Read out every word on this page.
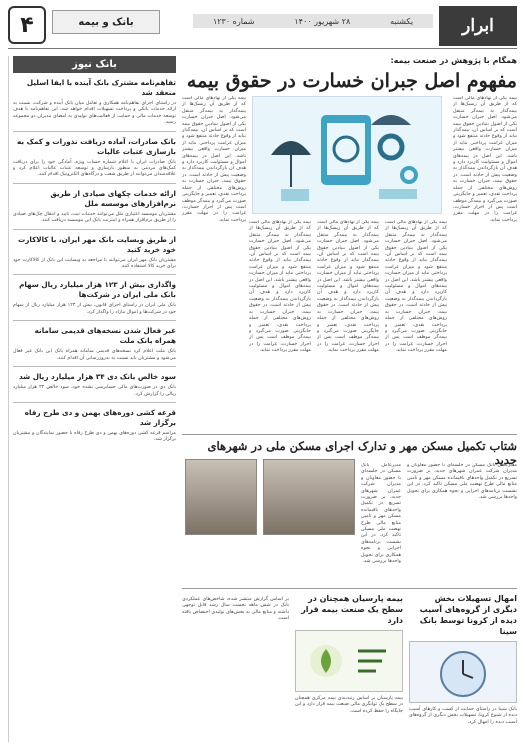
ابرار
یکشنبه
۲۸ شهریور ۱۴۰۰
شماره ۱۲۳۰
بانک و بیمه
۴
بانک نیوز
تفاهم‌نامه مشترک بانک آینده با ایفا اسلیل منعقد شد
در راستای اجرای تفاهم‌نامه همکاری و تعامل میان بانک آینده و شرکت، نسبت به ارائه خدمات بانکی و پرداخت تسهیلات اقدام خواهد شد. این تفاهم‌نامه با هدف توسعه خدمات مالی و حمایت از فعالیت‌های تولیدی به امضای مدیران دو مجموعه رسید.
بانک صادرات، آماده دریافت نذورات و کمک به بازسازی عتبات عالیات
بانک صادرات ایران با اعلام شماره حساب ویژه، آمادگی خود را برای دریافت کمک‌های مردمی به منظور بازسازی و توسعه عتبات عالیات اعلام کرد و علاقه‌مندان می‌توانند از طریق شعب و درگاه‌های الکترونیک اقدام کنند.
ارائه خدمات چکهای صیادی از طریق نرم‌افزارهای موسسه ملل
مشتریان موسسه اعتباری ملل می‌توانند خدمات ثبت، تایید و انتقال چک‌های صیادی را از طریق نرم‌افزار همراه و اینترنت بانک این موسسه دریافت کنند.
از طریق وبسایت بانک مهر ایران، با کالاکارت خود خرید کنید
مشتریان بانک مهر ایران می‌توانند با مراجعه به وبسایت این بانک از کالاکارت خود برای خرید کالا استفاده کنند.
واگذاری بیش از ۱۲۳ هزار میلیارد ریال سهام بانک ملی ایران در شرکت‌ها
بانک ملی ایران در راستای اجرای قانون، بیش از ۱۲۳ هزار میلیارد ریال از سهام خود در شرکت‌ها و اموال مازاد را واگذار کرد.
غیر فعال شدن نسخه‌های قدیمی سامانه همراه بانک ملت
بانک ملت اعلام کرد نسخه‌های قدیمی سامانه همراه بانک این بانک غیر فعال می‌شود و مشتریان باید نسبت به به‌روزرسانی آن اقدام کنند.
سود خالص بانک دی ۳۴ هزار میلیارد ریال شد
بانک دی در صورت‌های مالی حسابرسی نشده خود، سود خالص ۳۴ هزار میلیارد ریالی را گزارش کرد.
قرعه کشی دوره‌های بهمن و دی طرح رفاه برگزار شد
مراسم قرعه کشی دوره‌های بهمن و دی طرح رفاه با حضور نمایندگان و مشتریان برگزار شد.
همگام با پژوهش در صنعت بیمه:
مفهوم اصل جبران خسارت در حقوق بیمه
بیمه یکی از نهادهای مالی است که از طریق آن ریسک‌ها از بیمه‌گذار به بیمه‌گر منتقل می‌شود. اصل جبران خسارت یکی از اصول بنیادین حقوق بیمه است که بر اساس آن، بیمه‌گذار نباید از وقوع حادثه منتفع شود و میزان غرامت پرداختی نباید از میزان خسارت واقعی بیشتر باشد. این اصل در بیمه‌های اموال و مسئولیت کاربرد دارد و هدف آن بازگرداندن بیمه‌گذار به وضعیت پیش از حادثه است. در حقوق بیمه، جبران خسارت به روش‌های مختلفی از جمله پرداخت نقدی، تعمیر و جایگزینی صورت می‌گیرد و بیمه‌گر موظف است پس از احراز خسارت، غرامت را در مهلت مقرر پرداخت نماید.
بیمه یکی از نهادهای مالی است که از طریق آن ریسک‌ها از بیمه‌گذار به بیمه‌گر منتقل می‌شود. اصل جبران خسارت یکی از اصول بنیادین حقوق بیمه است که بر اساس آن، بیمه‌گذار نباید از وقوع حادثه منتفع شود و میزان غرامت پرداختی نباید از میزان خسارت واقعی بیشتر باشد. این اصل در بیمه‌های اموال و مسئولیت کاربرد دارد و هدف آن بازگرداندن بیمه‌گذار به وضعیت پیش از حادثه است. در حقوق بیمه، جبران خسارت به روش‌های مختلفی از جمله پرداخت نقدی، تعمیر و جایگزینی صورت می‌گیرد و بیمه‌گر موظف است پس از احراز خسارت، غرامت را در مهلت مقرر پرداخت نماید.
بیمه یکی از نهادهای مالی است که از طریق آن ریسک‌ها از بیمه‌گذار به بیمه‌گر منتقل می‌شود. اصل جبران خسارت یکی از اصول بنیادین حقوق بیمه است که بر اساس آن، بیمه‌گذار نباید از وقوع حادثه منتفع شود و میزان غرامت پرداختی نباید از میزان خسارت واقعی بیشتر باشد. این اصل در بیمه‌های اموال و مسئولیت کاربرد دارد و هدف آن بازگرداندن بیمه‌گذار به وضعیت پیش از حادثه است. در حقوق بیمه، جبران خسارت به روش‌های مختلفی از جمله پرداخت نقدی، تعمیر و جایگزینی صورت می‌گیرد و بیمه‌گر موظف است پس از احراز خسارت، غرامت را در مهلت مقرر پرداخت نماید.
بیمه یکی از نهادهای مالی است که از طریق آن ریسک‌ها از بیمه‌گذار به بیمه‌گر منتقل می‌شود. اصل جبران خسارت یکی از اصول بنیادین حقوق بیمه است که بر اساس آن، بیمه‌گذار نباید از وقوع حادثه منتفع شود و میزان غرامت پرداختی نباید از میزان خسارت واقعی بیشتر باشد. این اصل در بیمه‌های اموال و مسئولیت کاربرد دارد و هدف آن بازگرداندن بیمه‌گذار به وضعیت پیش از حادثه است. در حقوق بیمه، جبران خسارت به روش‌های مختلفی از جمله پرداخت نقدی، تعمیر و جایگزینی صورت می‌گیرد و بیمه‌گر موظف است پس از احراز خسارت، غرامت را در مهلت مقرر پرداخت نماید.
بیمه یکی از نهادهای مالی است که از طریق آن ریسک‌ها از بیمه‌گذار به بیمه‌گر منتقل می‌شود. اصل جبران خسارت یکی از اصول بنیادین حقوق بیمه است که بر اساس آن، بیمه‌گذار نباید از وقوع حادثه منتفع شود و میزان غرامت پرداختی نباید از میزان خسارت واقعی بیشتر باشد. این اصل در بیمه‌های اموال و مسئولیت کاربرد دارد و هدف آن بازگرداندن بیمه‌گذار به وضعیت پیش از حادثه است. در حقوق بیمه، جبران خسارت به روش‌های مختلفی از جمله پرداخت نقدی، تعمیر و جایگزینی صورت می‌گیرد و بیمه‌گر موظف است پس از احراز خسارت، غرامت را در مهلت مقرر پرداخت نماید.
شتاب تکمیل مسکن مهر و تدارک اجرای مسکن ملی در شهرهای جدید
مدیرعامل بانک مسکن در جلسه‌ای با حضور معاونان و مدیران شرکت عمران شهرهای جدید، بر ضرورت تسریع در تکمیل واحدهای باقیمانده مسکن مهر و تامین منابع مالی طرح نهضت ملی مسکن تاکید کرد. در این نشست برنامه‌های اجرایی و نحوه همکاری برای تحویل واحدها بررسی شد.
مدیرعامل بانک مسکن در جلسه‌ای با حضور معاونان و مدیران شرکت عمران شهرهای جدید، بر ضرورت تسریع در تکمیل واحدهای باقیمانده مسکن مهر و تامین منابع مالی طرح نهضت ملی مسکن تاکید کرد. در این نشست برنامه‌های اجرایی و نحوه همکاری برای تحویل واحدها بررسی شد.
امهال تسهیلات بخش دیگری از گروه‌های آسیب دیده از کرونا توسط بانک سینا
بانک سینا در راستای حمایت از کسب و کارهای آسیب دیده از شیوع کرونا، تسهیلات بخش دیگری از گروه‌های آسیب دیده را امهال کرد.
بیمه پارسیان همچنان در سطح یک صنعت بیمه قرار دارد
بیمه پارسیان بر اساس رتبه‌بندی بیمه مرکزی همچنان در سطح یک توانگری مالی صنعت بیمه قرار دارد و این جایگاه را حفظ کرده است.
بر اساس گزارش منتشر شده، شاخص‌های عملکردی بانک در شش ماهه نخست سال رشد قابل توجهی داشته و منابع مالی به بخش‌های تولیدی اختصاص یافته است.
